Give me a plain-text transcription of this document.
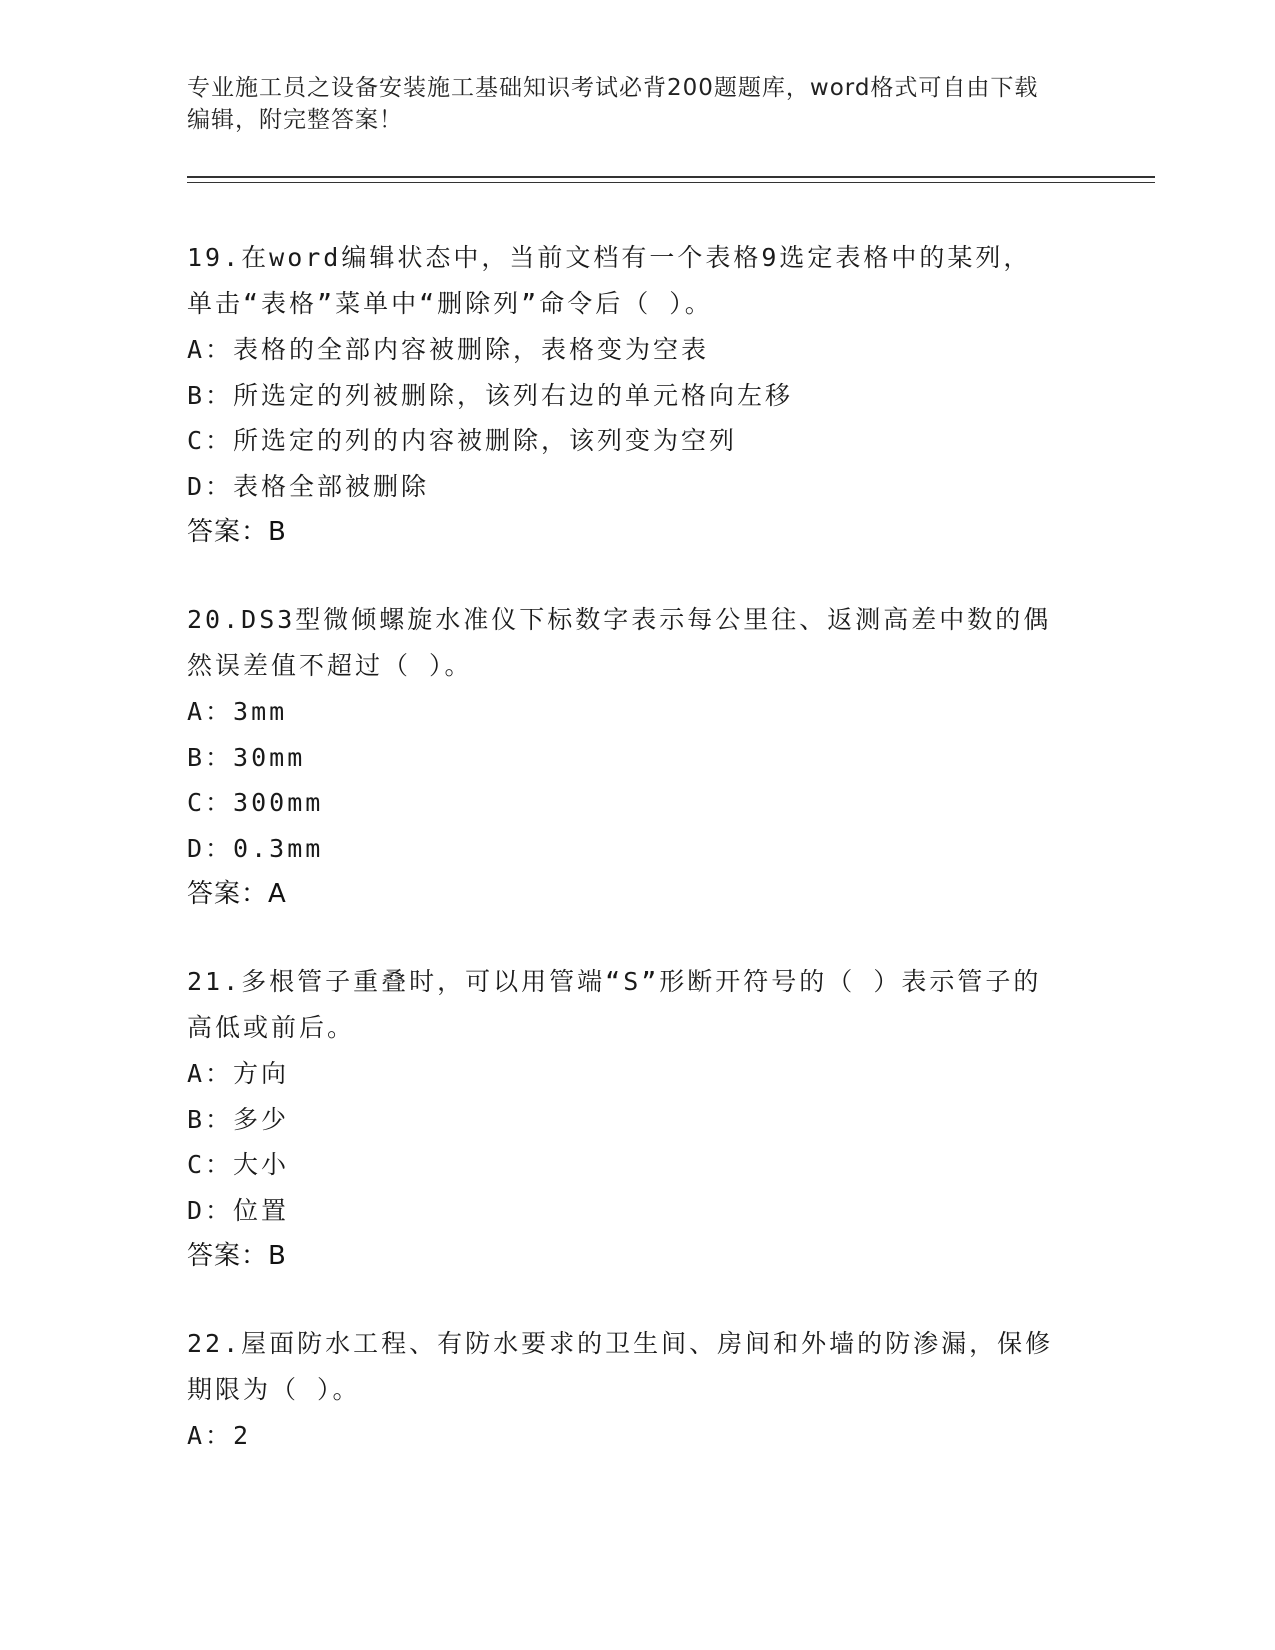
专业施工员之设备安装施工基础知识考试必背200题题库，word格式可自由下载
编辑，附完整答案！
19.在word编辑状态中，当前文档有一个表格9选定表格中的某列，
单击“表格”菜单中“删除列”命令后（ ）。
A：表格的全部内容被删除，表格变为空表
B：所选定的列被删除，该列右边的单元格向左移
C：所选定的列的内容被删除，该列变为空列
D：表格全部被删除
答案：B
20.DS3型微倾螺旋水准仪下标数字表示每公里往、返测高差中数的偶
然误差值不超过（ ）。
A：3mm
B：30mm
C：300mm
D：0.3mm
答案：A
21.多根管子重叠时，可以用管端“S”形断开符号的（ ）表示管子的
高低或前后。
A：方向
B：多少
C：大小
D：位置
答案：B
22.屋面防水工程、有防水要求的卫生间、房间和外墙的防渗漏，保修
期限为（ ）。
A：2
